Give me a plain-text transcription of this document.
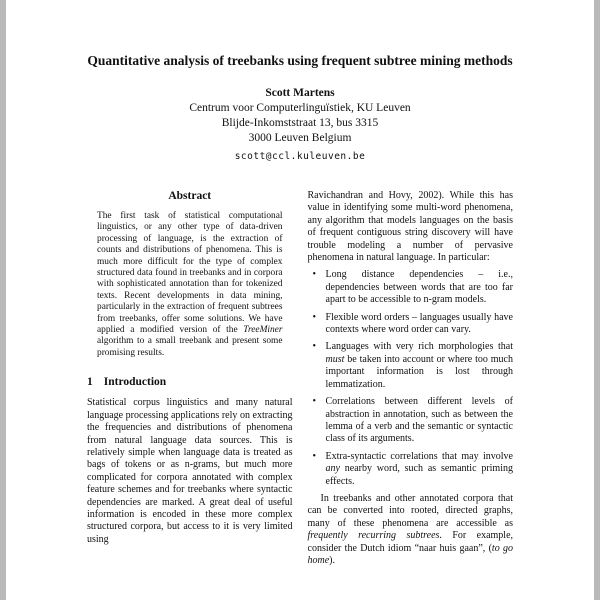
Quantitative analysis of treebanks using frequent subtree mining methods
Scott Martens
Centrum voor Computerlinguïstiek, KU Leuven
Blijde-Inkomststraat 13, bus 3315
3000 Leuven Belgium
scott@ccl.kuleuven.be
Abstract

The first task of statistical computational linguistics, or any other type of data-driven processing of language, is the extraction of counts and distributions of phenomena. This is much more difficult for the type of complex structured data found in treebanks and in corpora with sophisticated annotation than for tokenized texts. Recent developments in data mining, particularly in the extraction of frequent subtrees from treebanks, offer some solutions. We have applied a modified version of the TreeMiner algorithm to a small treebank and present some promising results.

1 Introduction

Statistical corpus linguistics and many natural language processing applications rely on extracting the frequencies and distributions of phenomena from natural language data sources. This is relatively simple when language data is treated as bags of tokens or as n-grams, but much more complicated for corpora annotated with complex feature schemes and for treebanks where syntactic dependencies are marked. A great deal of useful information is encoded in these more complex structured corpora, but access to it is very limited using

Ravichandran and Hovy, 2002). While this has value in identifying some multi-word phenomena, any algorithm that models languages on the basis of frequent contiguous string discovery will have trouble modeling a number of pervasive phenomena in natural language. In particular:

• Long distance dependencies – i.e., dependencies between words that are too far apart to be accessible to n-gram models.
• Flexible word orders – languages usually have contexts where word order can vary.
• Languages with very rich morphologies that must be taken into account or where too much important information is lost through lemmatization.
• Correlations between different levels of abstraction in annotation, such as between the lemma of a verb and the semantic or syntactic class of its arguments.
• Extra-syntactic correlations that may involve any nearby word, such as semantic priming effects.

In treebanks and other annotated corpora that can be converted into rooted, directed graphs, many of these phenomena are accessible as frequently recurring subtrees. For example, consider the Dutch idiom “naar huis gaan”, (to go home).
